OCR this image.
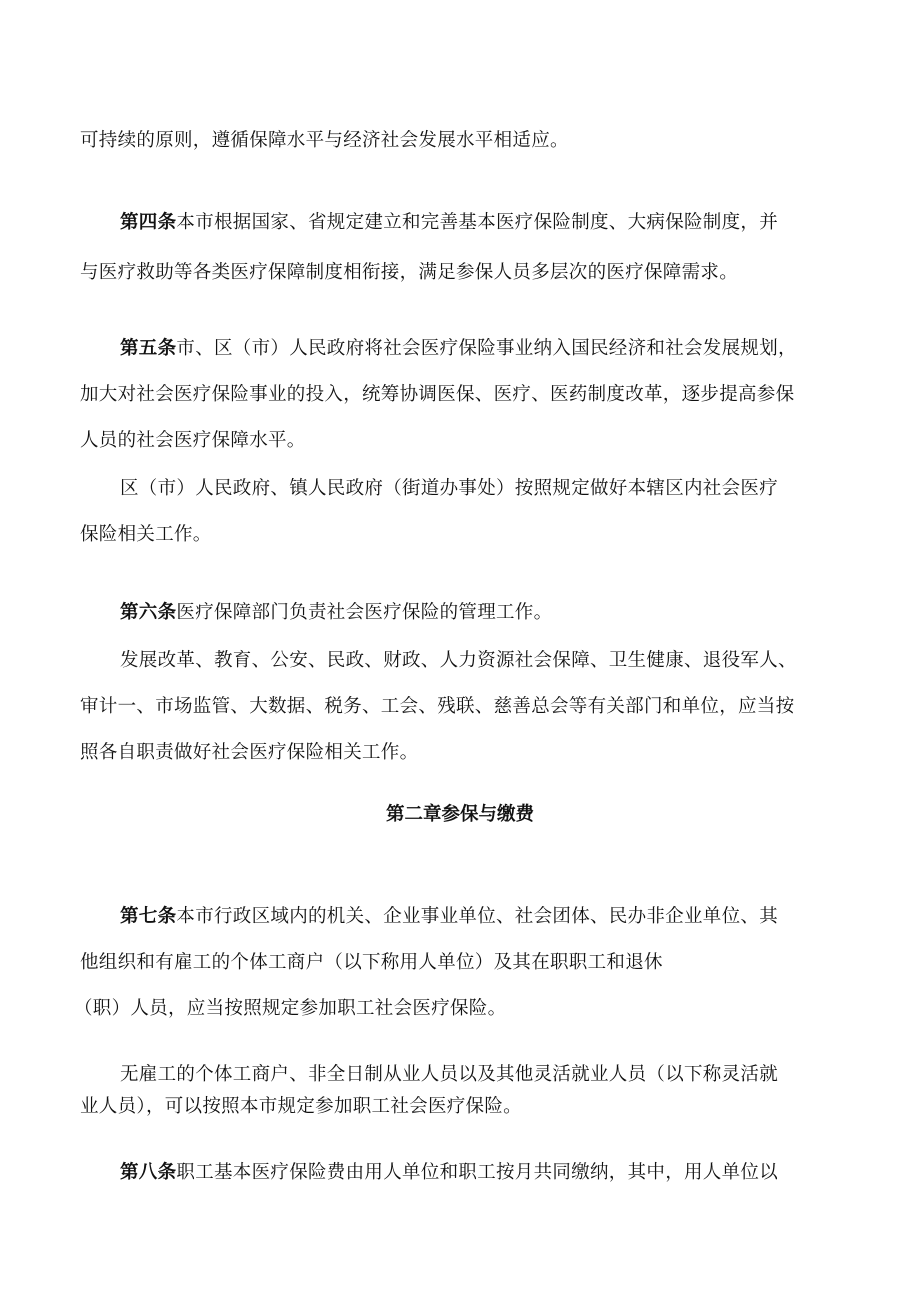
可持续的原则，遵循保障水平与经济社会发展水平相适应。
第四条本市根据国家、省规定建立和完善基本医疗保险制度、大病保险制度，并
与医疗救助等各类医疗保障制度相衔接，满足参保人员多层次的医疗保障需求。
第五条市、区（市）人民政府将社会医疗保险事业纳入国民经济和社会发展规划，
加大对社会医疗保险事业的投入，统筹协调医保、医疗、医药制度改革，逐步提高参保
人员的社会医疗保障水平。
区（市）人民政府、镇人民政府（街道办事处）按照规定做好本辖区内社会医疗
保险相关工作。
第六条医疗保障部门负责社会医疗保险的管理工作。
发展改革、教育、公安、民政、财政、人力资源社会保障、卫生健康、退役军人、
审计一、市场监管、大数据、税务、工会、残联、慈善总会等有关部门和单位，应当按
照各自职责做好社会医疗保险相关工作。
第二章参保与缴费
第七条本市行政区域内的机关、企业事业单位、社会团体、民办非企业单位、其
他组织和有雇工的个体工商户（以下称用人单位）及其在职职工和退休
（职）人员，应当按照规定参加职工社会医疗保险。
无雇工的个体工商户、非全日制从业人员以及其他灵活就业人员（以下称灵活就
业人员），可以按照本市规定参加职工社会医疗保险。
第八条职工基本医疗保险费由用人单位和职工按月共同缴纳，其中，用人单位以
